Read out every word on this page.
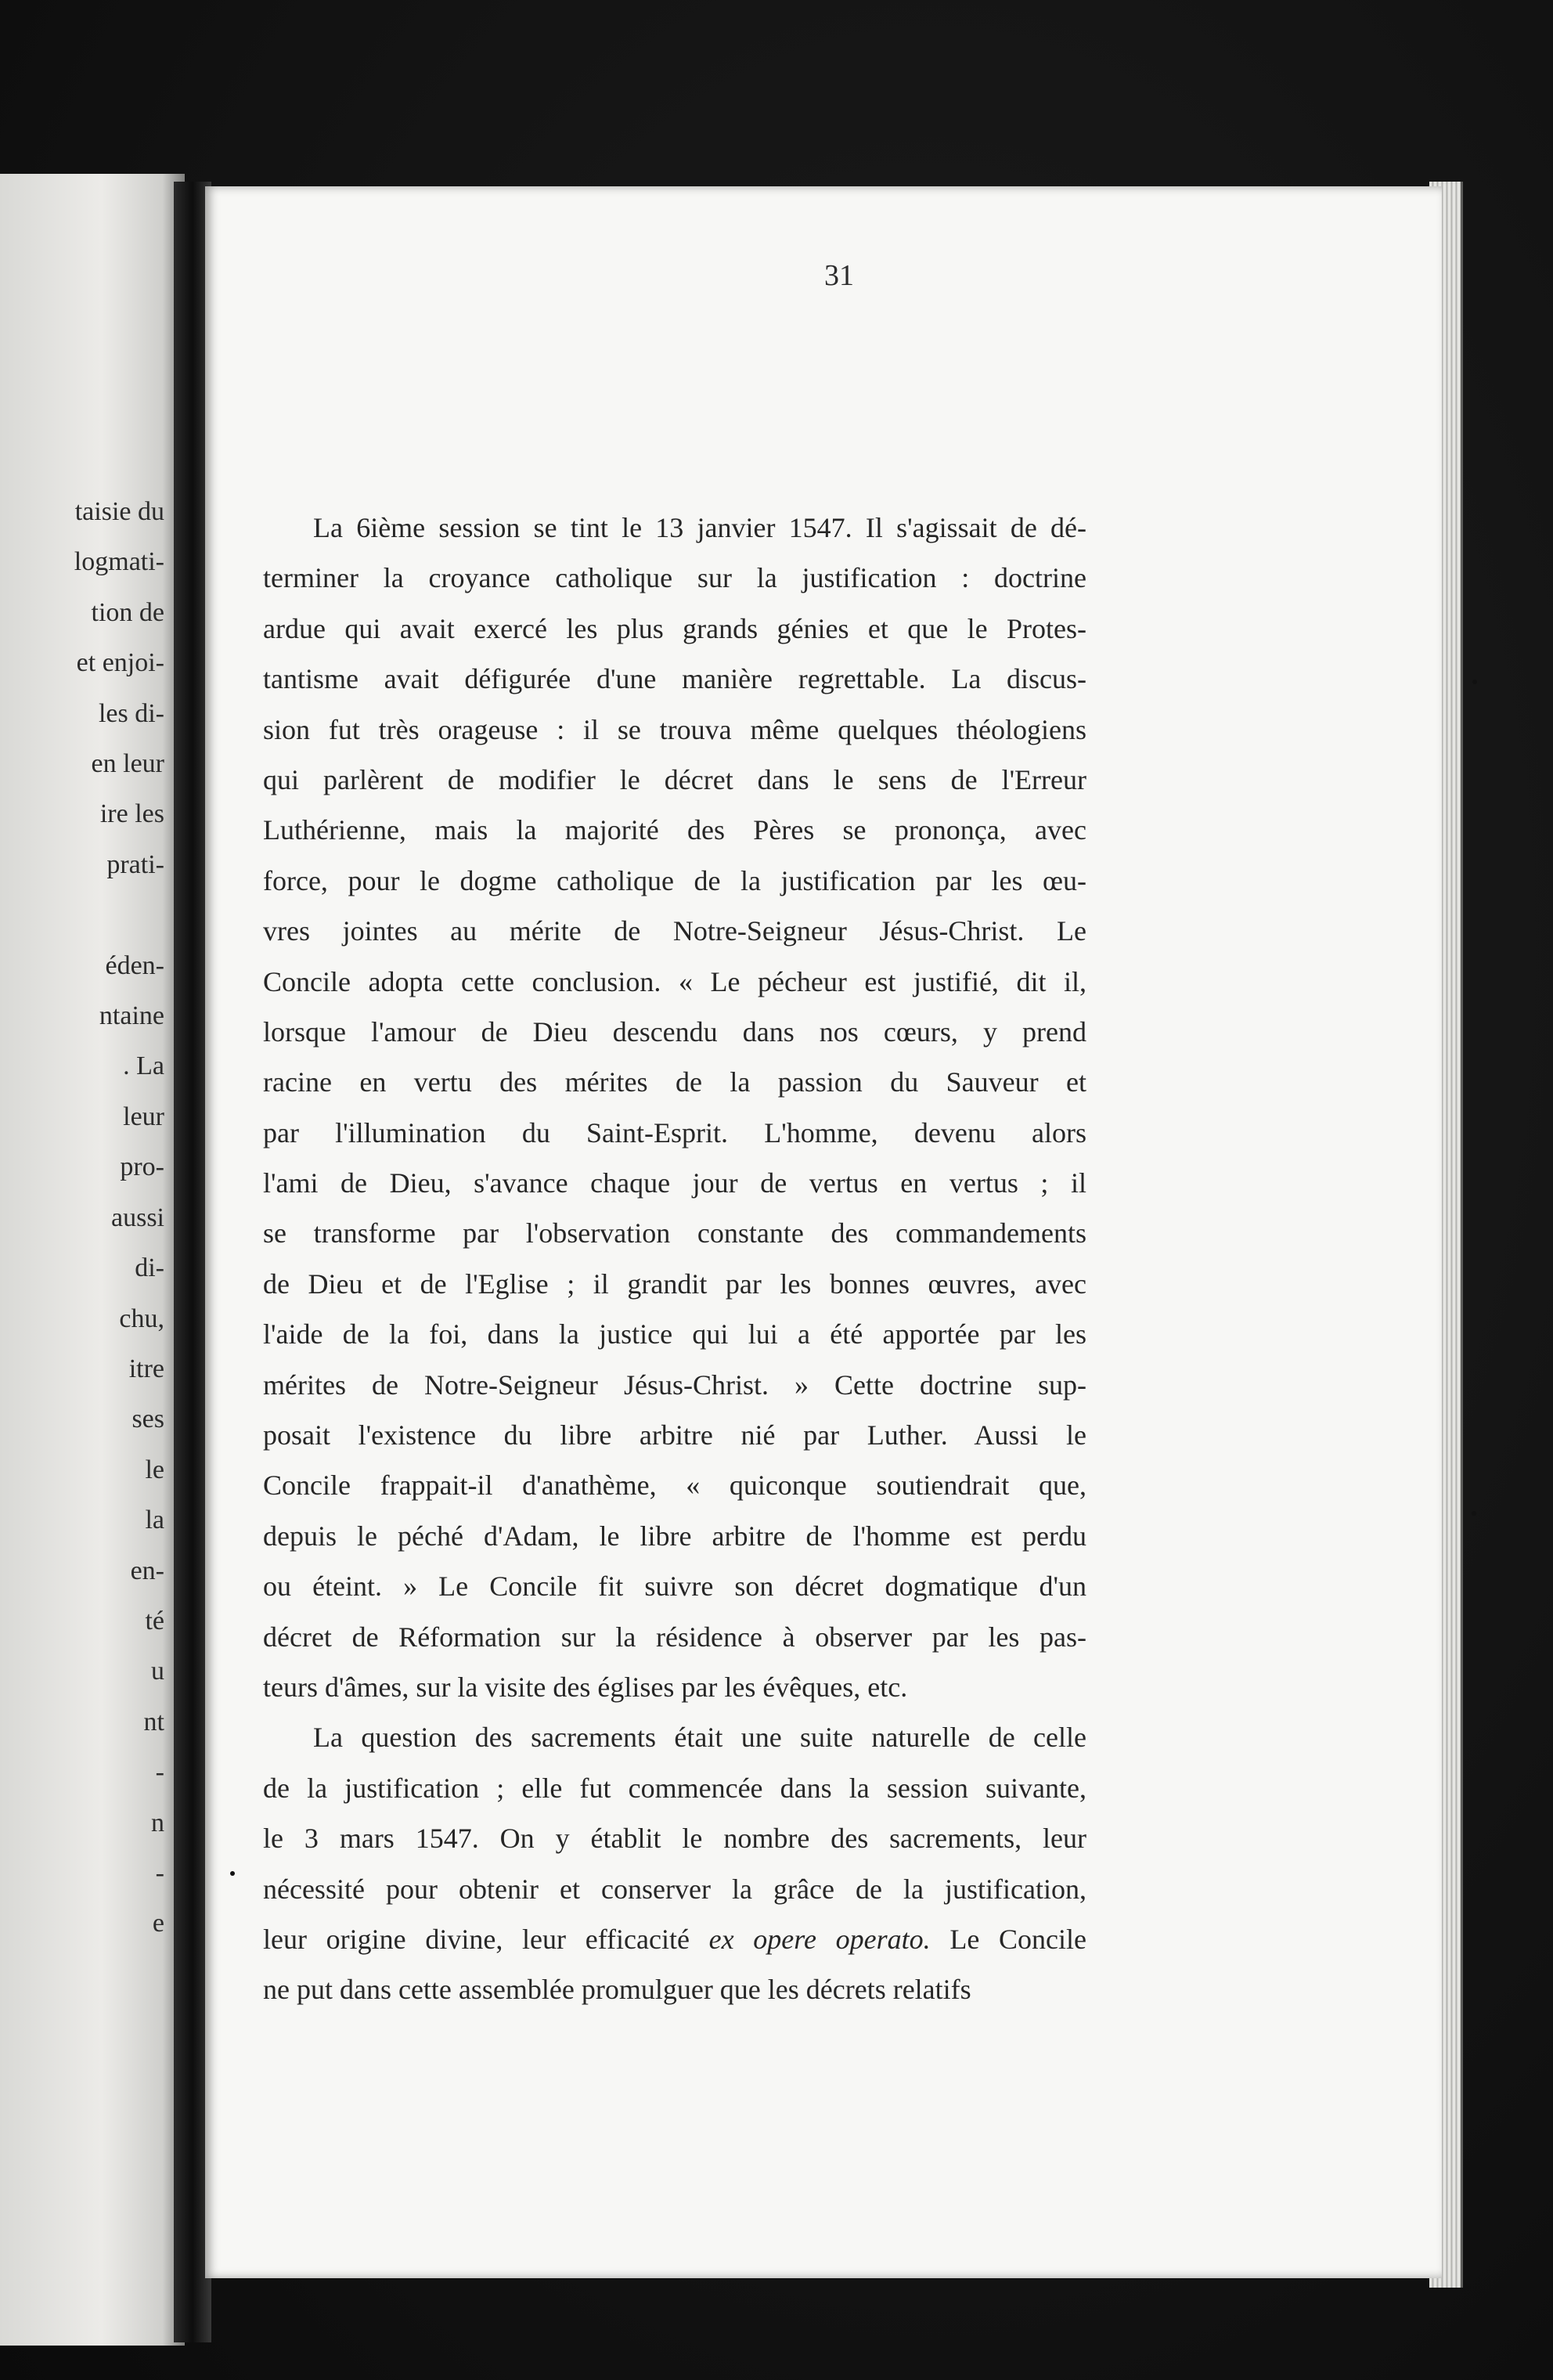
taisie du
logmati-
tion de
et enjoi-
les di-
en leur
ire les
prati-

éden-
ntaine
. La
leur
pro-
aussi
di-
chu,
itre
ses
le
la
en-
té
u
nt
-
n
-
e
31
La 6ième session se tint le 13 janvier 1547. Il s'agissait de dé-
terminer la croyance catholique sur la justification : doctrine
ardue qui avait exercé les plus grands génies et que le Protes-
tantisme avait défigurée d'une manière regrettable. La discus-
sion fut très orageuse : il se trouva même quelques théologiens
qui parlèrent de modifier le décret dans le sens de l'Erreur
Luthérienne, mais la majorité des Pères se prononça, avec
force, pour le dogme catholique de la justification par les œu-
vres jointes au mérite de Notre-Seigneur Jésus-Christ. Le
Concile adopta cette conclusion. « Le pécheur est justifié, dit il,
lorsque l'amour de Dieu descendu dans nos cœurs, y prend
racine en vertu des mérites de la passion du Sauveur et
par l'illumination du Saint-Esprit. L'homme, devenu alors
l'ami de Dieu, s'avance chaque jour de vertus en vertus ; il
se transforme par l'observation constante des commandements
de Dieu et de l'Eglise ; il grandit par les bonnes œuvres, avec
l'aide de la foi, dans la justice qui lui a été apportée par les
mérites de Notre-Seigneur Jésus-Christ. » Cette doctrine sup-
posait l'existence du libre arbitre nié par Luther. Aussi le
Concile frappait-il d'anathème, « quiconque soutiendrait que,
depuis le péché d'Adam, le libre arbitre de l'homme est perdu
ou éteint. » Le Concile fit suivre son décret dogmatique d'un
décret de Réformation sur la résidence à observer par les pas-
teurs d'âmes, sur la visite des églises par les évêques, etc.
La question des sacrements était une suite naturelle de celle
de la justification ; elle fut commencée dans la session suivante,
le 3 mars 1547. On y établit le nombre des sacrements, leur
nécessité pour obtenir et conserver la grâce de la justification,
leur origine divine, leur efficacité ex opere operato. Le Concile
ne put dans cette assemblée promulguer que les décrets relatifs
